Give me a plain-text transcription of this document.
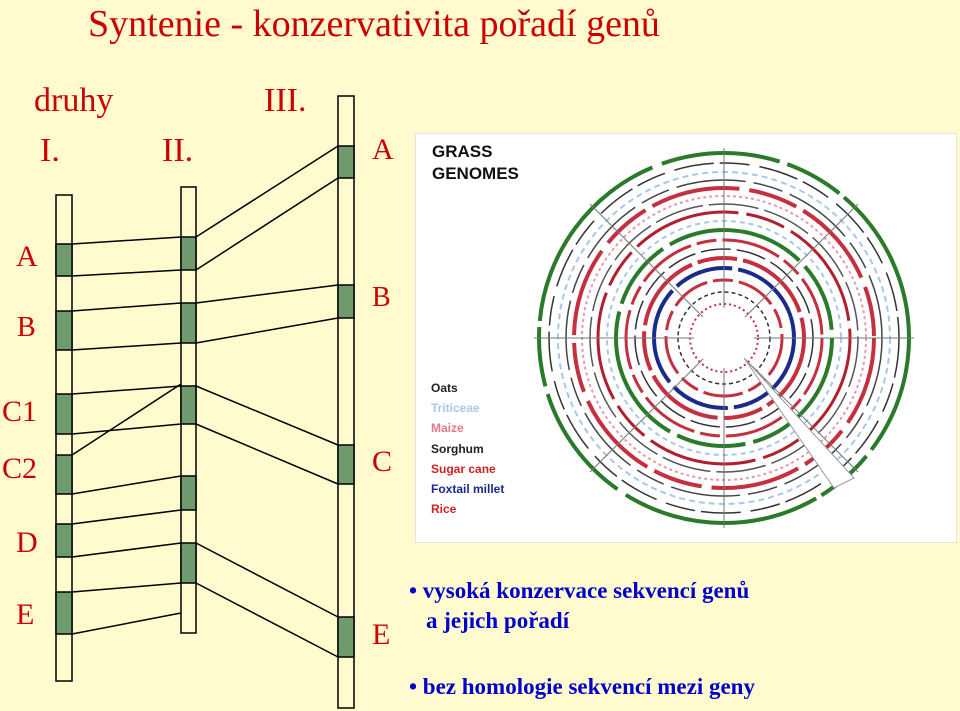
Syntenie - konzervativita pořadí genů
druhy
I.	II.
III.
A
B
C1
C2
D
E
A
B
C
E
GRASS
GENOMES
Oats
Triticeae
Maize
Sorghum
Sugar cane
Foxtail millet
Rice
• vysoká konzervace sekvencí genů
a jejich pořadí
• bez homologie sekvencí mezi geny
